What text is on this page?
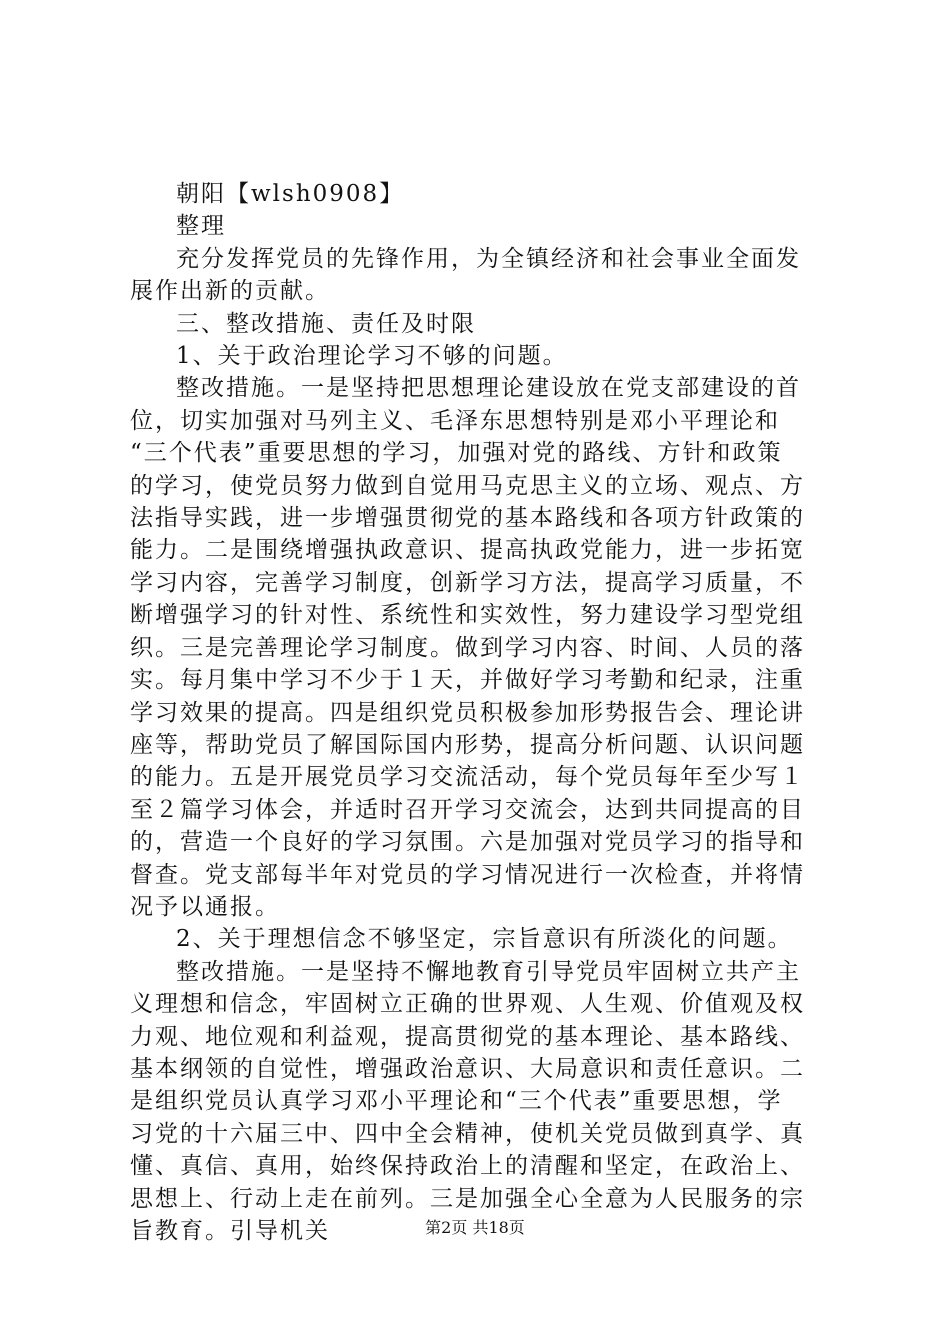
朝阳【wlsh0908】
整理
充分发挥党员的先锋作用，为全镇经济和社会事业全面发
展作出新的贡献。
三、整改措施、责任及时限
1、关于政治理论学习不够的问题。
整改措施。一是坚持把思想理论建设放在党支部建设的首
位，切实加强对马列主义、毛泽东思想特别是邓小平理论和
“三个代表”重要思想的学习，加强对党的路线、方针和政策
的学习，使党员努力做到自觉用马克思主义的立场、观点、方
法指导实践，进一步增强贯彻党的基本路线和各项方针政策的
能力。二是围绕增强执政意识、提高执政党能力，进一步拓宽
学习内容，完善学习制度，创新学习方法，提高学习质量，不
断增强学习的针对性、系统性和实效性，努力建设学习型党组
织。三是完善理论学习制度。做到学习内容、时间、人员的落
实。每月集中学习不少于１天，并做好学习考勤和纪录，注重
学习效果的提高。四是组织党员积极参加形势报告会、理论讲
座等，帮助党员了解国际国内形势，提高分析问题、认识问题
的能力。五是开展党员学习交流活动，每个党员每年至少写１
至２篇学习体会，并适时召开学习交流会，达到共同提高的目
的，营造一个良好的学习氛围。六是加强对党员学习的指导和
督查。党支部每半年对党员的学习情况进行一次检查，并将情
况予以通报。
2、关于理想信念不够坚定，宗旨意识有所淡化的问题。
整改措施。一是坚持不懈地教育引导党员牢固树立共产主
义理想和信念，牢固树立正确的世界观、人生观、价值观及权
力观、地位观和利益观，提高贯彻党的基本理论、基本路线、
基本纲领的自觉性，增强政治意识、大局意识和责任意识。二
是组织党员认真学习邓小平理论和“三个代表”重要思想，学
习党的十六届三中、四中全会精神，使机关党员做到真学、真
懂、真信、真用，始终保持政治上的清醒和坚定，在政治上、
思想上、行动上走在前列。三是加强全心全意为人民服务的宗
旨教育。引导机关	第2页 共18页
